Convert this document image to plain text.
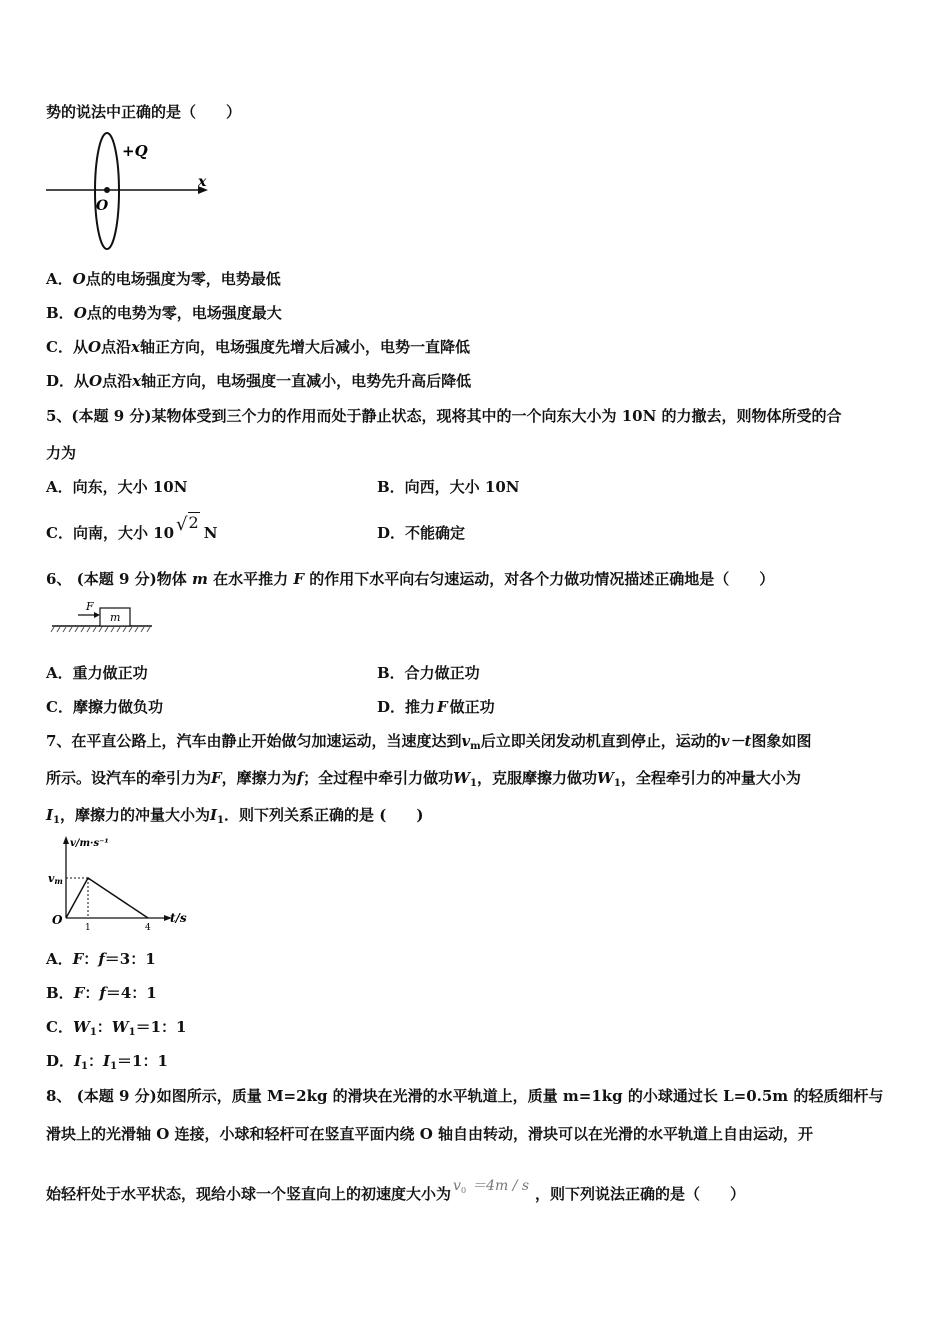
势的说法中正确的是（　　）
+Q
O
x
A．O点的电场强度为零，电势最低
B．O点的电势为零，电场强度最大
C．从O点沿x轴正方向，电场强度先增大后减小，电势一直降低
D．从O点沿x轴正方向，电场强度一直减小，电势先升高后降低
5、(本题 9 分)某物体受到三个力的作用而处于静止状态，现将其中的一个向东大小为 10N 的力撤去，则物体所受的合
力为
A．向东，大小 10N	B．向西，大小 10N
C．向南，大小 10 √2N	D．不能确定
6、 (本题 9 分)物体 m 在水平推力 F 的作用下水平向右匀速运动，对各个力做功情况描述正确地是（　　）
F
m
A．重力做正功	B．合力做正功
C．摩擦力做负功	D．推力 F 做正功
7、在平直公路上，汽车由静止开始做匀加速运动，当速度达到$v_m$后立即关闭发动机直到停止，运动的v－t图象如图
所示。设汽车的牵引力为F，摩擦力为f；全过程中牵引力做功$W_1$，克服摩擦力做功$W_1$，全程牵引力的冲量大小为
$I_1$，摩擦力的冲量大小为$I_1$．则下列关系正确的是 (　　)
v/m·s⁻¹
vm
O	t/s
1	4
A．F：f＝3：1
B．F：f＝4：1
C．$W_1$：$W_1=1$：1
D．$I_1$：$I_1=1$：1
8、 (本题 9 分)如图所示，质量 M=2kg 的滑块在光滑的水平轨道上，质量 m=1kg 的小球通过长 L=0.5m 的轻质细杆与
滑块上的光滑轴 O 连接，小球和轻杆可在竖直平面内绕 O 轴自由转动，滑块可以在光滑的水平轨道上自由运动，开
始轻杆处于水平状态，现给小球一个竖直向上的初速度大小为 $v_0 =4m / s$ ，则下列说法正确的是（　　）
